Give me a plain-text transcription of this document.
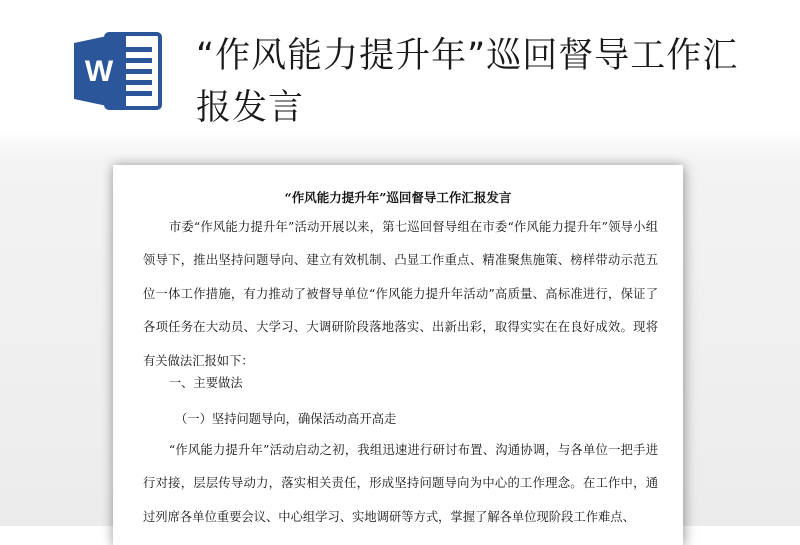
W “作风能力提升年”巡回督导工作汇报发言
“作风能力提升年”巡回督导工作汇报发言
市委“作风能力提升年”活动开展以来，第七巡回督导组在市委“作风能力提升年”领导小组领导下，推出坚持问题导向、建立有效机制、凸显工作重点、精准聚焦施策、榜样带动示范五位一体工作措施，有力推动了被督导单位“作风能力提升年活动”高质量、高标准进行，保证了各项任务在大动员、大学习、大调研阶段落地落实、出新出彩，取得实实在在良好成效。现将有关做法汇报如下：
一、主要做法
（一）坚持问题导向，确保活动高开高走
“作风能力提升年”活动启动之初，我组迅速进行研讨布置、沟通协调，与各单位一把手进行对接，层层传导动力，落实相关责任，形成坚持问题导向为中心的工作理念。在工作中，通过列席各单位重要会议、中心组学习、实地调研等方式，掌握了解各单位现阶段工作难点、
